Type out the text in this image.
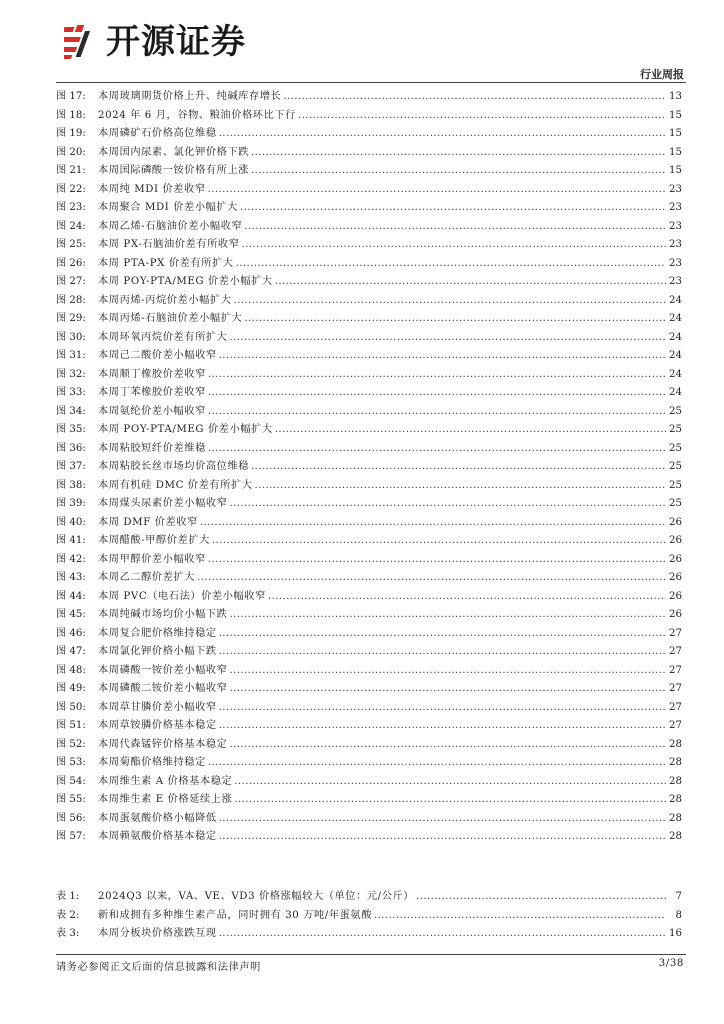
开源证券
行业周报
图 17:	本周玻璃期货价格上升、纯碱库存增长 .....	13
图 18:	2024 年 6 月，谷物、粮油价格环比下行 .....	15
图 19:	本周磷矿石价格高位维稳 .....	15
图 20:	本周国内尿素、氯化钾价格下跌 .....	15
图 21:	本周国际磷酸一铵价格有所上涨 .....	15
图 22:	本周纯 MDI 价差收窄 .....	23
图 23:	本周聚合 MDI 价差小幅扩大 .....	23
图 24:	本周乙烯-石脑油价差小幅收窄 .....	23
图 25:	本周 PX-石脑油价差有所收窄 .....	23
图 26:	本周 PTA-PX 价差有所扩大 .....	23
图 27:	本周 POY-PTA/MEG 价差小幅扩大 .....	23
图 28:	本周丙烯-丙烷价差小幅扩大 .....	24
图 29:	本周丙烯-石脑油价差小幅扩大 .....	24
图 30:	本周环氧丙烷价差有所扩大 .....	24
图 31:	本周己二酸价差小幅收窄 .....	24
图 32:	本周顺丁橡胶价差收窄 .....	24
图 33:	本周丁苯橡胶价差收窄 .....	24
图 34:	本周氨纶价差小幅收窄 .....	25
图 35:	本周 POY-PTA/MEG 价差小幅扩大 .....	25
图 36:	本周粘胶短纤价差维稳 .....	25
图 37:	本周粘胶长丝市场均价高位维稳 .....	25
图 38:	本周有机硅 DMC 价差有所扩大 .....	25
图 39:	本周煤头尿素价差小幅收窄 .....	25
图 40:	本周 DMF 价差收窄 .....	26
图 41:	本周醋酸-甲醇价差扩大 .....	26
图 42:	本周甲醇价差小幅收窄 .....	26
图 43:	本周乙二醇价差扩大 .....	26
图 44:	本周 PVC（电石法）价差小幅收窄 .....	26
图 45:	本周纯碱市场均价小幅下跌 .....	26
图 46:	本周复合肥价格维持稳定 .....	27
图 47:	本周氯化钾价格小幅下跌 .....	27
图 48:	本周磷酸一铵价差小幅收窄 .....	27
图 49:	本周磷酸二铵价差小幅收窄 .....	27
图 50:	本周草甘膦价差小幅收窄 .....	27
图 51:	本周草铵膦价格基本稳定 .....	27
图 52:	本周代森锰锌价格基本稳定 .....	28
图 53:	本周菊酯价格维持稳定 .....	28
图 54:	本周维生素 A 价格基本稳定 .....	28
图 55:	本周维生素 E 价格延续上涨 .....	28
图 56:	本周蛋氨酸价格小幅降低 .....	28
图 57:	本周赖氨酸价格基本稳定 .....	28
表 1:	2024Q3 以来，VA、VE、VD3 价格涨幅较大（单位：元/公斤） .....	7
表 2:	新和成拥有多种维生素产品，同时拥有 30 万吨/年蛋氨酸 .....	8
表 3:	本周分板块价格涨跌互现 .....	16
请务必参阅正文后面的信息披露和法律声明	3/38
